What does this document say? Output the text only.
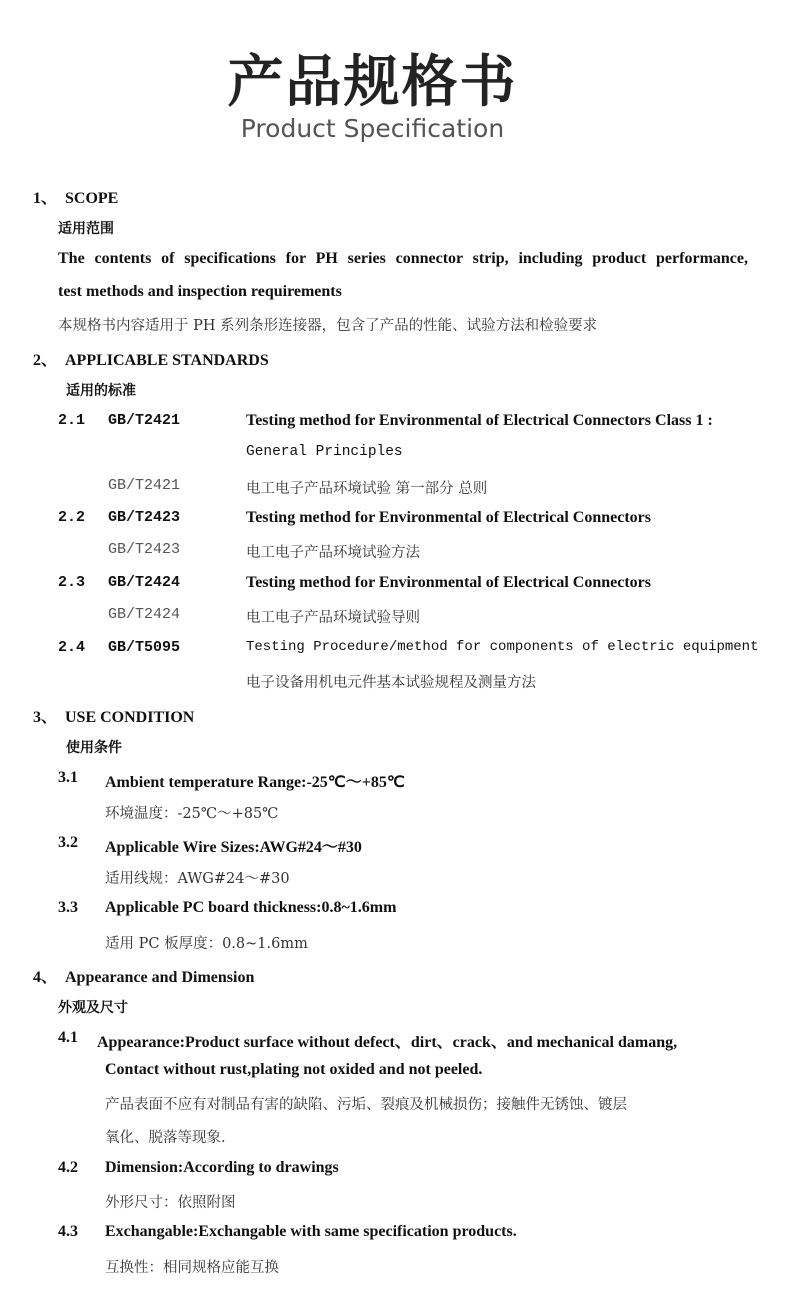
产品规格书
Product Specification
1、 SCOPE
适用范围
The contents of specifications for PH series connector strip, including product performance,
test methods and inspection requirements
本规格书内容适用于 PH 系列条形连接器，包含了产品的性能、试验方法和检验要求
2、 APPLICABLE STANDARDS
适用的标准
2.1 GB/T2421	Testing method for Environmental of Electrical Connectors Class 1 :
General Principles
GB/T2421	电工电子产品环境试验 第一部分 总则
2.2 GB/T2423	Testing method for Environmental of Electrical Connectors
GB/T2423	电工电子产品环境试验方法
2.3 GB/T2424	Testing method for Environmental of Electrical Connectors
GB/T2424	电工电子产品环境试验导则
2.4 GB/T5095	Testing Procedure/method for components of electric equipment
电子设备用机电元件基本试验规程及测量方法
3、 USE CONDITION
使用条件
3.1 Ambient temperature Range:-25℃～+85℃
环境温度：-25℃～+85℃
3.2 Applicable Wire Sizes:AWG#24～#30
适用线规：AWG#24～#30
3.3 Applicable PC board thickness:0.8~1.6mm
适用 PC 板厚度：0.8~1.6mm
4、 Appearance and Dimension
外观及尺寸
4.1 Appearance:Product surface without defect、dirt、crack、and mechanical damang,
Contact without rust,plating not oxided and not peeled.
产品表面不应有对制品有害的缺陷、污垢、裂痕及机械损伤；接触件无锈蚀、镀层
氧化、脱落等现象.
4.2 Dimension:According to drawings
外形尺寸：依照附图
4.3 Exchangable:Exchangable with same specification products.
互换性：相同规格应能互换
